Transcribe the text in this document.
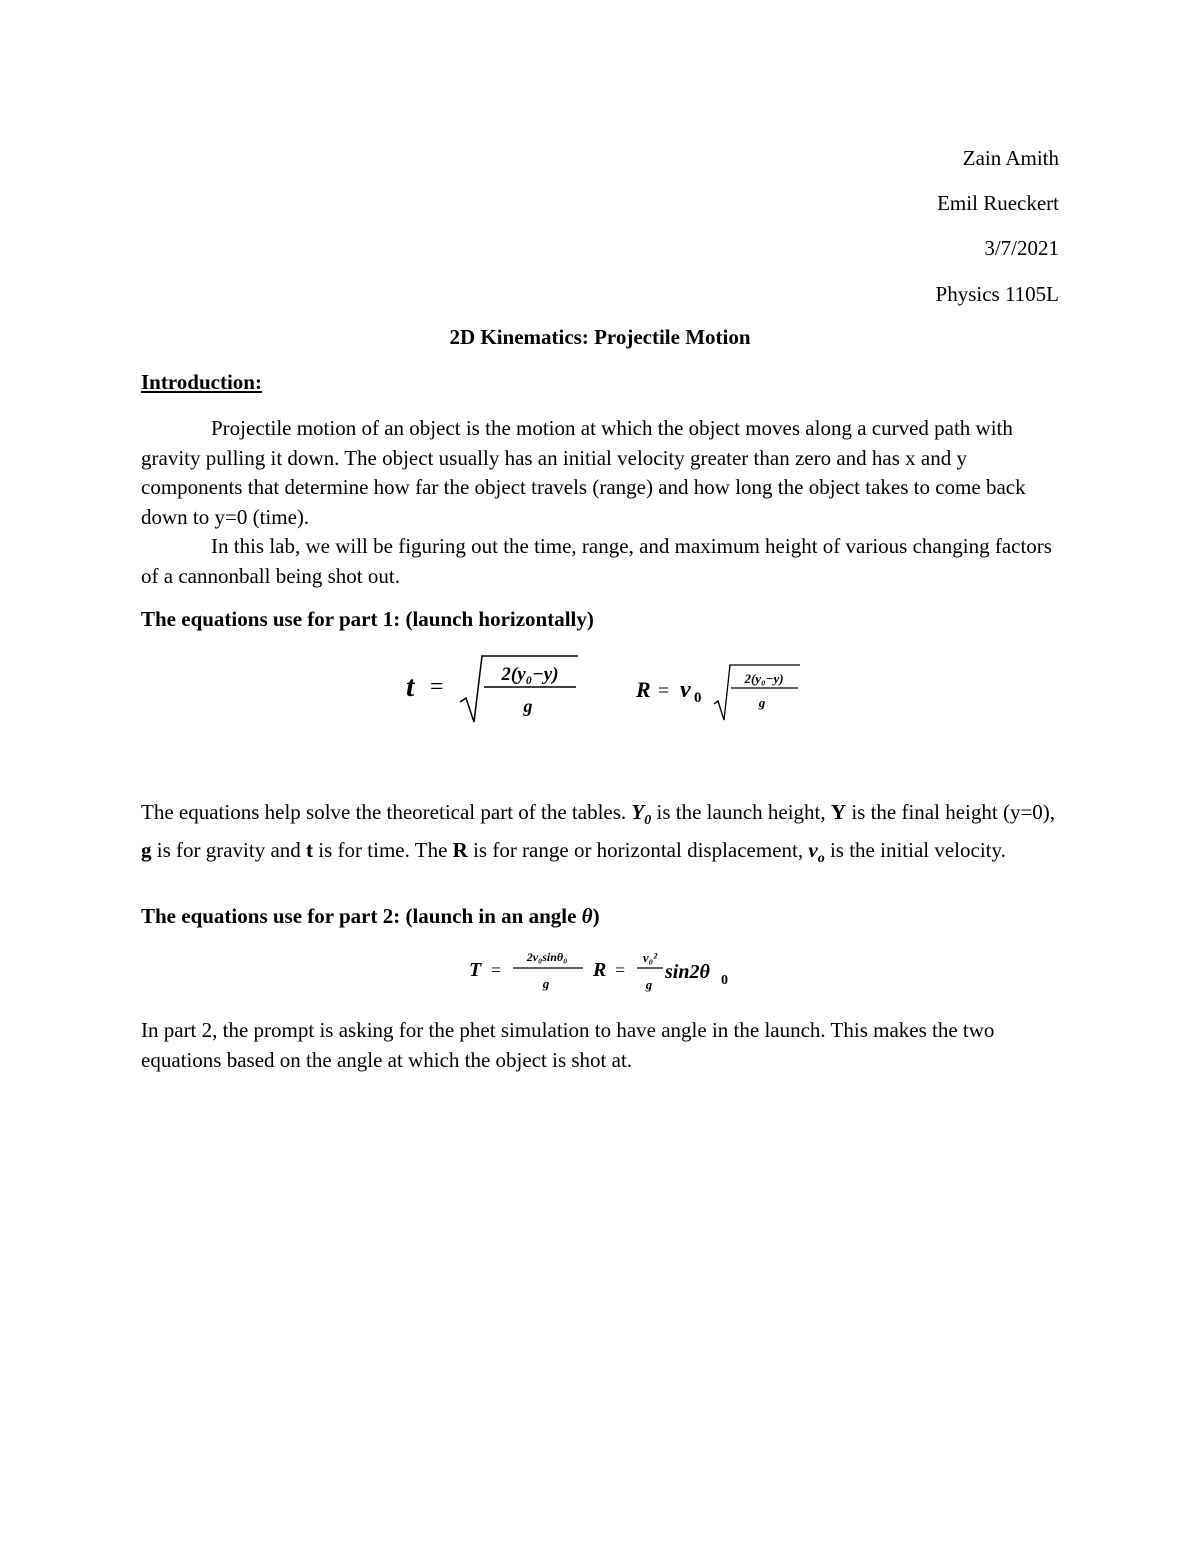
Zain Amith

Emil Rueckert

3/7/2021

Physics 1105L

2D Kinematics: Projectile Motion

Introduction:

Projectile motion of an object is the motion at which the object moves along a curved path with gravity pulling it down. The object usually has an initial velocity greater than zero and has x and y components that determine how far the object travels (range) and how long the object takes to come back down to y=0 (time).

In this lab, we will be figuring out the time, range, and maximum height of various changing factors of a cannonball being shot out.

The equations use for part 1: (launch horizontally)

t =	2(y₀−y)
g
R = v 0
2(y₀−y)
g

The equations help solve the theoretical part of the tables. $Y_0$ is the launch height, Y is the final height (y=0), g is for gravity and t is for time. The R is for range or horizontal displacement, $v_o$ is the initial velocity.

The equations use for part 2: (launch in an angle θ)

T =
2v₀sinθ₀
g
R =
v₀²
g
sin2θ 0

In part 2, the prompt is asking for the phet simulation to have angle in the launch. This makes the two equations based on the angle at which the object is shot at.
